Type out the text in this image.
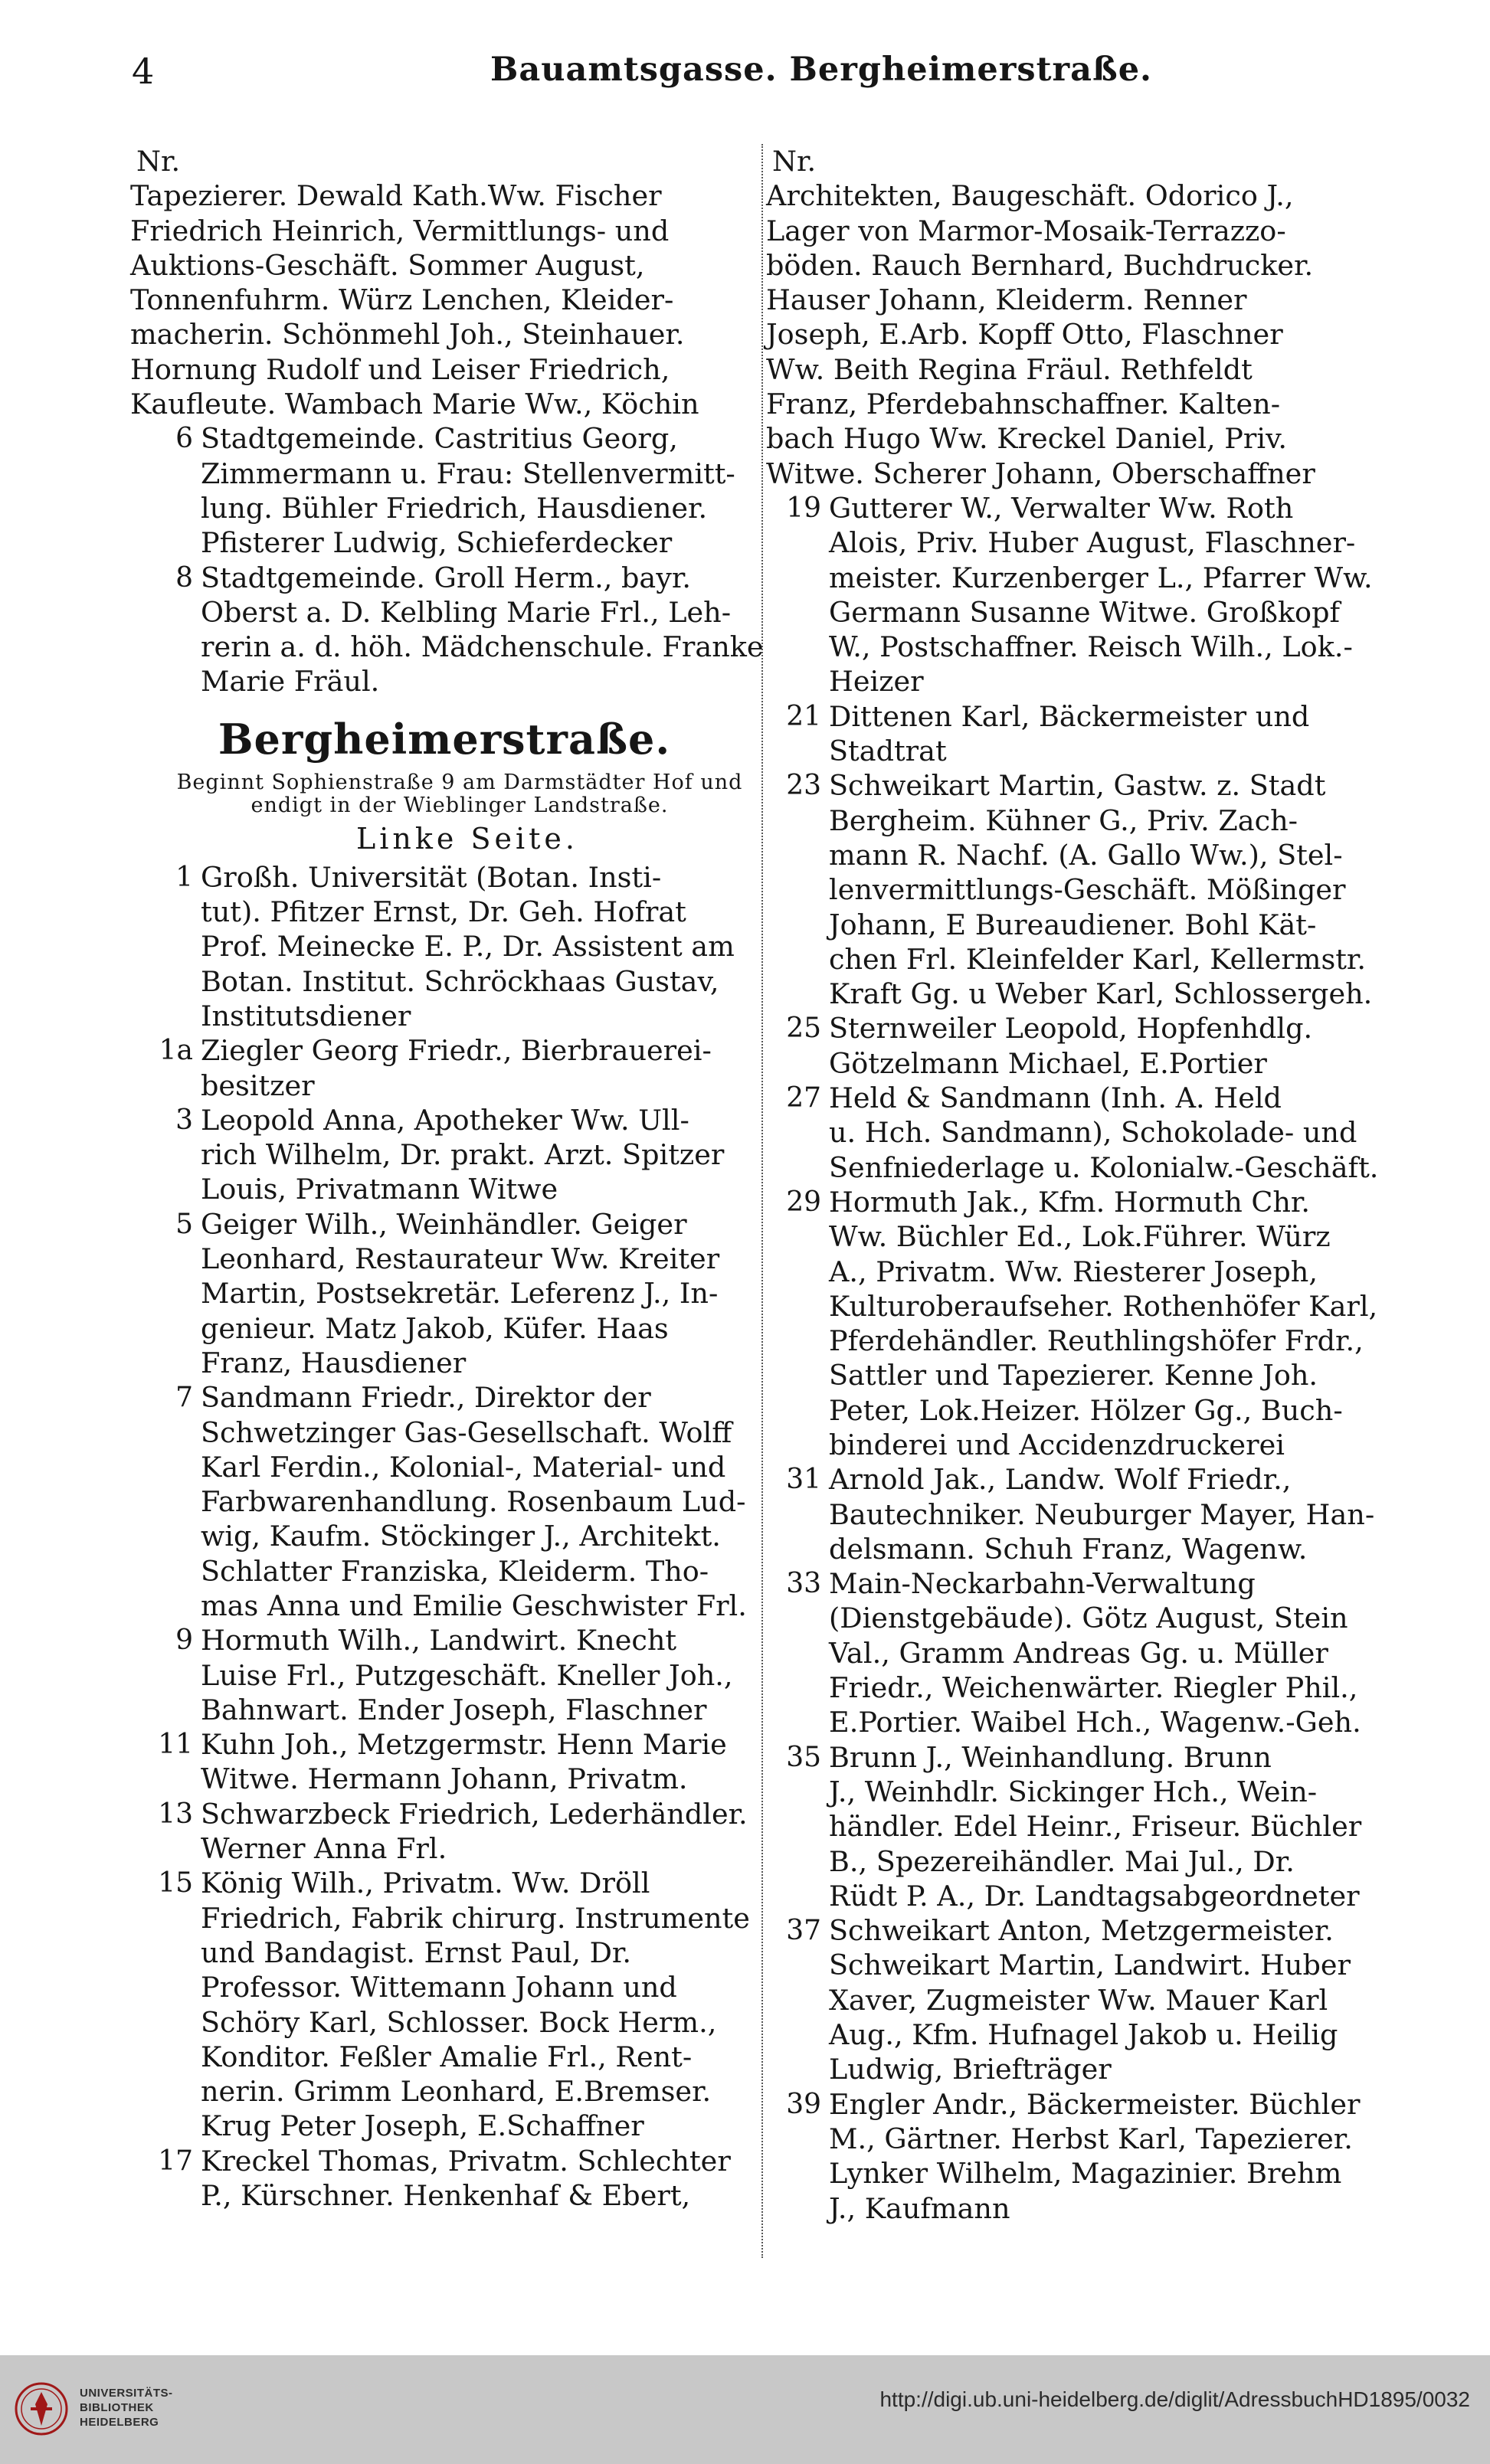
4	Bauamtsgasse. Bergheimerstraße.
Nr.
Tapezierer. Dewald Kath.Ww. Fischer
Friedrich Heinrich, Vermittlungs- und
Auktions-Geschäft. Sommer August,
Tonnenfuhrm. Würz Lenchen, Kleider-
macherin. Schönmehl Joh., Steinhauer.
Hornung Rudolf und Leiser Friedrich,
Kaufleute. Wambach Marie Ww., Köchin
6 Stadtgemeinde. Castritius Georg,
Zimmermann u. Frau: Stellenvermitt-
lung. Bühler Friedrich, Hausdiener.
Pfisterer Ludwig, Schieferdecker
8 Stadtgemeinde. Groll Herm., bayr.
Oberst a. D. Kelbling Marie Frl., Leh-
rerin a. d. höh. Mädchenschule. Franke
Marie Fräul.
Bergheimerstraße.
Beginnt Sophienstraße 9 am Darmstädter Hof und
endigt in der Wieblinger Landstraße.
Linke Seite.
1 Großh. Universität (Botan. Insti-
tut). Pfitzer Ernst, Dr. Geh. Hofrat
Prof. Meinecke E. P., Dr. Assistent am
Botan. Institut. Schröckhaas Gustav,
Institutsdiener
1a Ziegler Georg Friedr., Bierbrauerei-
besitzer
3 Leopold Anna, Apotheker Ww. Ull-
rich Wilhelm, Dr. prakt. Arzt. Spitzer
Louis, Privatmann Witwe
5 Geiger Wilh., Weinhändler. Geiger
Leonhard, Restaurateur Ww. Kreiter
Martin, Postsekretär. Leferenz J., In-
genieur. Matz Jakob, Küfer. Haas
Franz, Hausdiener
7 Sandmann Friedr., Direktor der
Schwetzinger Gas-Gesellschaft. Wolff
Karl Ferdin., Kolonial-, Material- und
Farbwarenhandlung. Rosenbaum Lud-
wig, Kaufm. Stöckinger J., Architekt.
Schlatter Franziska, Kleiderm. Tho-
mas Anna und Emilie Geschwister Frl.
9 Hormuth Wilh., Landwirt. Knecht
Luise Frl., Putzgeschäft. Kneller Joh.,
Bahnwart. Ender Joseph, Flaschner
11 Kuhn Joh., Metzgermstr. Henn Marie
Witwe. Hermann Johann, Privatm.
13 Schwarzbeck Friedrich, Lederhändler.
Werner Anna Frl.
15 König Wilh., Privatm. Ww. Dröll
Friedrich, Fabrik chirurg. Instrumente
und Bandagist. Ernst Paul, Dr.
Professor. Wittemann Johann und
Schöry Karl, Schlosser. Bock Herm.,
Konditor. Feßler Amalie Frl., Rent-
nerin. Grimm Leonhard, E.Bremser.
Krug Peter Joseph, E.Schaffner
17 Kreckel Thomas, Privatm. Schlechter
P., Kürschner. Henkenhaf & Ebert,
Nr.
Architekten, Baugeschäft. Odorico J.,
Lager von Marmor-Mosaik-Terrazzo-
böden. Rauch Bernhard, Buchdrucker.
Hauser Johann, Kleiderm. Renner
Joseph, E.Arb. Kopff Otto, Flaschner
Ww. Beith Regina Fräul. Rethfeldt
Franz, Pferdebahnschaffner. Kalten-
bach Hugo Ww. Kreckel Daniel, Priv.
Witwe. Scherer Johann, Oberschaffner
19 Gutterer W., Verwalter Ww. Roth
Alois, Priv. Huber August, Flaschner-
meister. Kurzenberger L., Pfarrer Ww.
Germann Susanne Witwe. Großkopf
W., Postschaffner. Reisch Wilh., Lok.-
Heizer
21 Dittenen Karl, Bäckermeister und
Stadtrat
23 Schweikart Martin, Gastw. z. Stadt
Bergheim. Kühner G., Priv. Zach-
mann R. Nachf. (A. Gallo Ww.), Stel-
lenvermittlungs-Geschäft. Mößinger
Johann, E Bureaudiener. Bohl Kät-
chen Frl. Kleinfelder Karl, Kellermstr.
Kraft Gg. u Weber Karl, Schlossergeh.
25 Sternweiler Leopold, Hopfenhdlg.
Götzelmann Michael, E.Portier
27 Held & Sandmann (Inh. A. Held
u. Hch. Sandmann), Schokolade- und
Senfniederlage u. Kolonialw.-Geschäft.
29 Hormuth Jak., Kfm. Hormuth Chr.
Ww. Büchler Ed., Lok.Führer. Würz
A., Privatm. Ww. Riesterer Joseph,
Kulturoberaufseher. Rothenhöfer Karl,
Pferdehändler. Reuthlingshöfer Frdr.,
Sattler und Tapezierer. Kenne Joh.
Peter, Lok.Heizer. Hölzer Gg., Buch-
binderei und Accidenzdruckerei
31 Arnold Jak., Landw. Wolf Friedr.,
Bautechniker. Neuburger Mayer, Han-
delsmann. Schuh Franz, Wagenw.
33 Main-Neckarbahn-Verwaltung
(Dienstgebäude). Götz August, Stein
Val., Gramm Andreas Gg. u. Müller
Friedr., Weichenwärter. Riegler Phil.,
E.Portier. Waibel Hch., Wagenw.-Geh.
35 Brunn J., Weinhandlung. Brunn
J., Weinhdlr. Sickinger Hch., Wein-
händler. Edel Heinr., Friseur. Büchler
B., Spezereihändler. Mai Jul., Dr.
Rüdt P. A., Dr. Landtagsabgeordneter
37 Schweikart Anton, Metzgermeister.
Schweikart Martin, Landwirt. Huber
Xaver, Zugmeister Ww. Mauer Karl
Aug., Kfm. Hufnagel Jakob u. Heilig
Ludwig, Briefträger
39 Engler Andr., Bäckermeister. Büchler
M., Gärtner. Herbst Karl, Tapezierer.
Lynker Wilhelm, Magazinier. Brehm
J., Kaufmann
UNIVERSITÄTS-
BIBLIOTHEK
HEIDELBERG
http://digi.ub.uni-heidelberg.de/diglit/AdressbuchHD1895/0032
